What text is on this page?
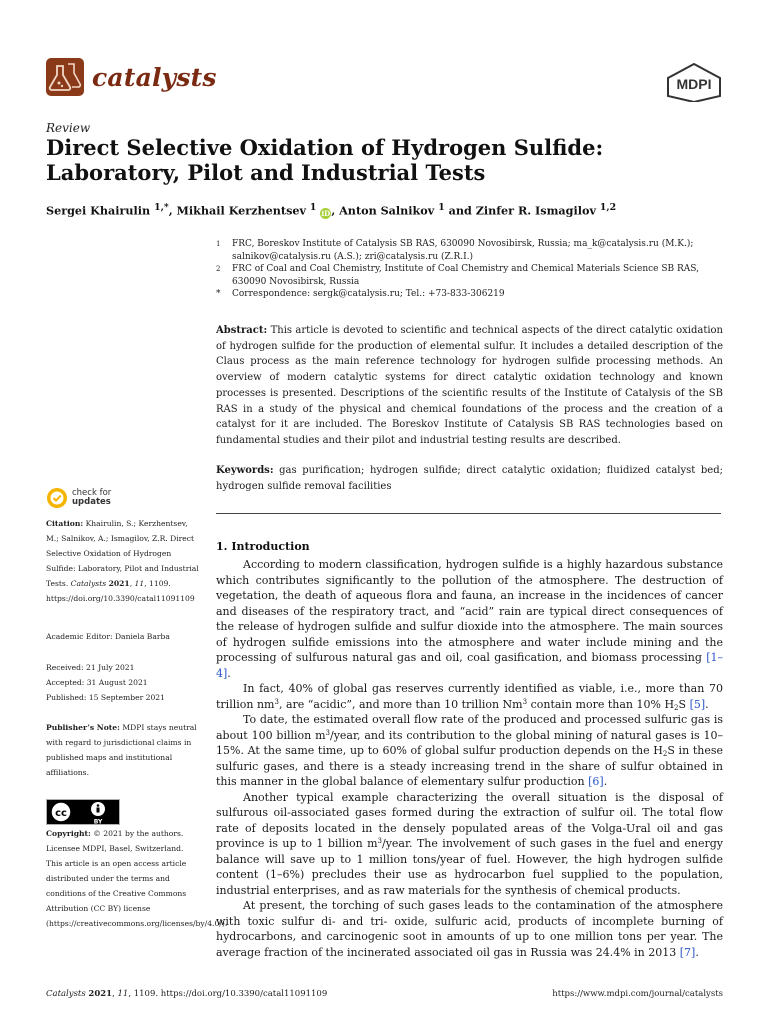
catalysts	MDPI
Review
Direct Selective Oxidation of Hydrogen Sulfide: Laboratory, Pilot and Industrial Tests
Sergei Khairulin $^{1,*}$, Mikhail Kerzhentsev $^1$ iD, Anton Salnikov $^1$ and Zinfer R. Ismagilov $^{1,2}$
1	FRC, Boreskov Institute of Catalysis SB RAS, 630090 Novosibirsk, Russia; ma_k@catalysis.ru (M.K.); salnikov@catalysis.ru (A.S.); zri@catalysis.ru (Z.R.I.)
2	FRC of Coal and Coal Chemistry, Institute of Coal Chemistry and Chemical Materials Science SB RAS, 630090 Novosibirsk, Russia
*	Correspondence: sergk@catalysis.ru; Tel.: +73-833-306219
Abstract: This article is devoted to scientific and technical aspects of the direct catalytic oxidation of hydrogen sulfide for the production of elemental sulfur. It includes a detailed description of the Claus process as the main reference technology for hydrogen sulfide processing methods. An overview of modern catalytic systems for direct catalytic oxidation technology and known processes is presented. Descriptions of the scientific results of the Institute of Catalysis of the SB RAS in a study of the physical and chemical foundations of the process and the creation of a catalyst for it are included. The Boreskov Institute of Catalysis SB RAS technologies based on fundamental studies and their pilot and industrial testing results are described.
Keywords: gas purification; hydrogen sulfide; direct catalytic oxidation; fluidized catalyst bed; hydrogen sulfide removal facilities
check for
updates
Citation: Khairulin, S.; Kerzhentsev, M.; Salnikov, A.; Ismagilov, Z.R. Direct Selective Oxidation of Hydrogen Sulfide: Laboratory, Pilot and Industrial Tests. Catalysts 2021, 11, 1109. https://doi.org/10.3390/catal11091109
Academic Editor: Daniela Barba
Received: 21 July 2021
Accepted: 31 August 2021
Published: 15 September 2021
Publisher’s Note: MDPI stays neutral with regard to jurisdictional claims in published maps and institutional affiliations.
cc
BY
Copyright: © 2021 by the authors. Licensee MDPI, Basel, Switzerland. This article is an open access article distributed under the terms and conditions of the Creative Commons Attribution (CC BY) license (https://creativecommons.org/licenses/by/4.0/).
1. Introduction

According to modern classification, hydrogen sulfide is a highly hazardous substance which contributes significantly to the pollution of the atmosphere. The destruction of vegetation, the death of aqueous flora and fauna, an increase in the incidences of cancer and diseases of the respiratory tract, and “acid” rain are typical direct consequences of the release of hydrogen sulfide and sulfur dioxide into the atmosphere. The main sources of hydrogen sulfide emissions into the atmosphere and water include mining and the processing of sulfurous natural gas and oil, coal gasification, and biomass processing [1–4].

In fact, 40% of global gas reserves currently identified as viable, i.e., more than 70 trillion $nm^3$, are “acidic”, and more than 10 trillion Nm$^3$ contain more than 10% $H_2S$ [5].

To date, the estimated overall flow rate of the produced and processed sulfuric gas is about 100 billion $m^3$/year, and its contribution to the global mining of natural gases is 10–15%. At the same time, up to 60% of global sulfur production depends on the $H_2S$ in these sulfuric gases, and there is a steady increasing trend in the share of sulfur obtained in this manner in the global balance of elementary sulfur production [6].

Another typical example characterizing the overall situation is the disposal of sulfurous oil-associated gases formed during the extraction of sulfur oil. The total flow rate of deposits located in the densely populated areas of the Volga-Ural oil and gas province is up to 1 billion $m^3$/year. The involvement of such gases in the fuel and energy balance will save up to 1 million tons/year of fuel. However, the high hydrogen sulfide content (1–6%) precludes their use as hydrocarbon fuel supplied to the population, industrial enterprises, and as raw materials for the synthesis of chemical products.

At present, the torching of such gases leads to the contamination of the atmosphere with toxic sulfur di- and tri- oxide, sulfuric acid, products of incomplete burning of hydrocarbons, and carcinogenic soot in amounts of up to one million tons per year. The average fraction of the incinerated associated oil gas in Russia was 24.4% in 2013 [7].

Catalysts 2021, 11, 1109. https://doi.org/10.3390/catal11091109	https://www.mdpi.com/journal/catalysts
